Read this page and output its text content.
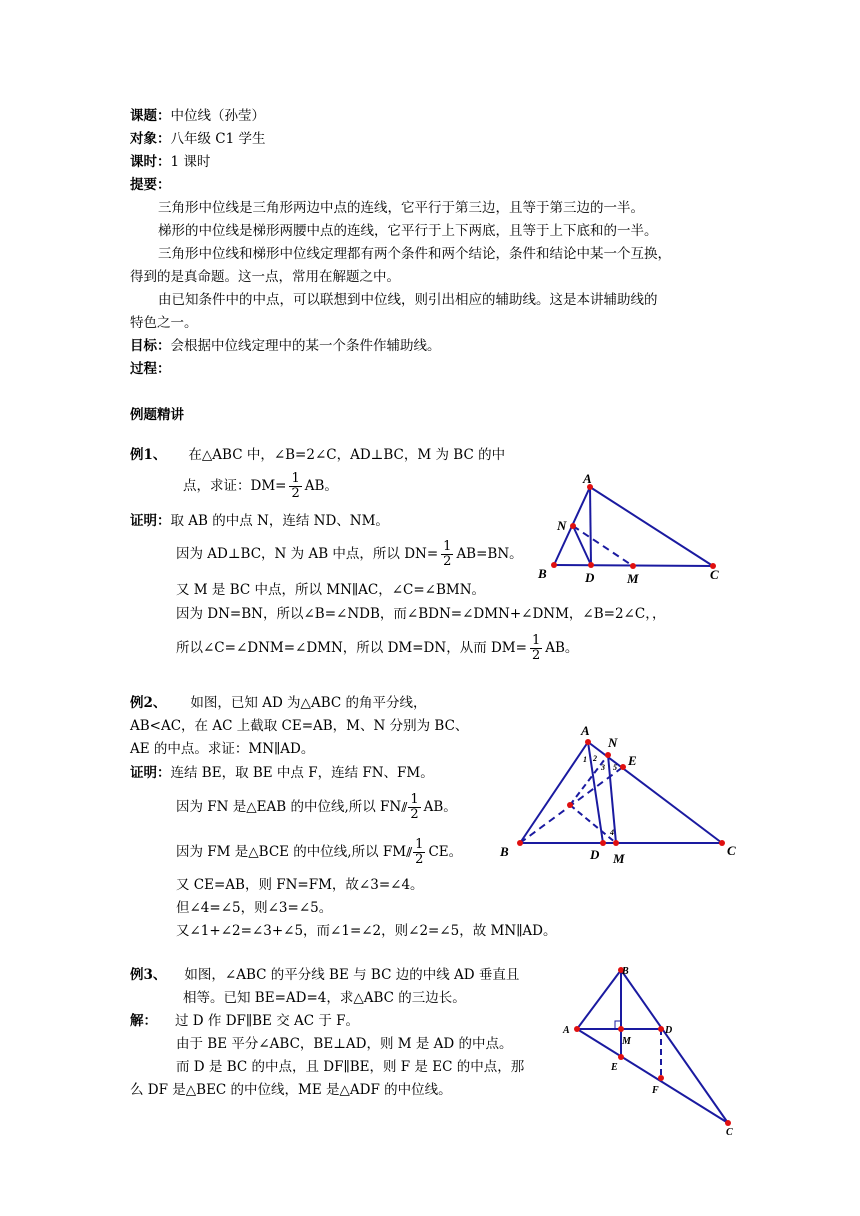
课题：中位线（孙莹）
对象：八年级 C1 学生
课时：1 课时
提要：
三角形中位线是三角形两边中点的连线，它平行于第三边，且等于第三边的一半。
梯形的中位线是梯形两腰中点的连线，它平行于上下两底，且等于上下底和的一半。
三角形中位线和梯形中位线定理都有两个条件和两个结论，条件和结论中某一个互换，
得到的是真命题。这一点，常用在解题之中。
由已知条件中的中点，可以联想到中位线，则引出相应的辅助线。这是本讲辅助线的
特色之一。
目标：会根据中位线定理中的某一个条件作辅助线。
过程：
例题精讲
例1、 在△ABC 中，∠B=2∠C，AD⊥BC，M 为 BC 的中
点，求证：$DM= \frac{1}{2}$ AB。
证明：取 AB 的中点 N，连结 ND、NM。
因为 AD⊥BC，N 为 AB 中点，所以 $DN= \frac{1}{2} AB=BN$。
又 M 是 BC 中点，所以 MN∥AC，∠C=∠BMN。
因为 DN=BN，所以∠B=∠NDB，而∠BDN=∠DMN+∠DNM，∠B=2∠C，，
所以∠C=∠DNM=∠DMN，所以 DM=DN，从而 $DM= \frac{1}{2}$ AB。
A
N
B	D	M	C
例2、 如图，已知 AD 为△ABC 的角平分线，
AB<AC，在 AC 上截取 CE=AB，M、N 分别为 BC、
AE 的中点。求证：MN∥AD。
证明：连结 BE，取 BE 中点 F，连结 FN、FM。
因为 FN 是△EAB 的中位线,所以 $FN// \frac{1}{2}$ AB。
因为 FM 是△BCE 的中位线,所以 $FM// \frac{1}{2}$ CE。
又 CE=AB，则 FN=FM，故∠3=∠4。
但∠4=∠5，则∠3=∠5。
又∠1+∠2=∠3+∠5，而∠1=∠2，则∠2=∠5，故 MN∥AD。
A
N
E
B	D M
C
1 2
3 5
4
例3、 如图，∠ABC 的平分线 BE 与 BC 边的中线 AD 垂直且
相等。已知 BE=AD=4，求△ABC 的三边长。
解： 过 D 作 DF∥BE 交 AC 于 F。
由于 BE 平分∠ABC，BE⊥AD，则 M 是 AD 的中点。
而 D 是 BC 的中点，且 DF∥BE，则 F 是 EC 的中点，那
么 DF 是△BEC 的中位线，ME 是△ADF 的中位线。
B
A	D
M
E
F
C
